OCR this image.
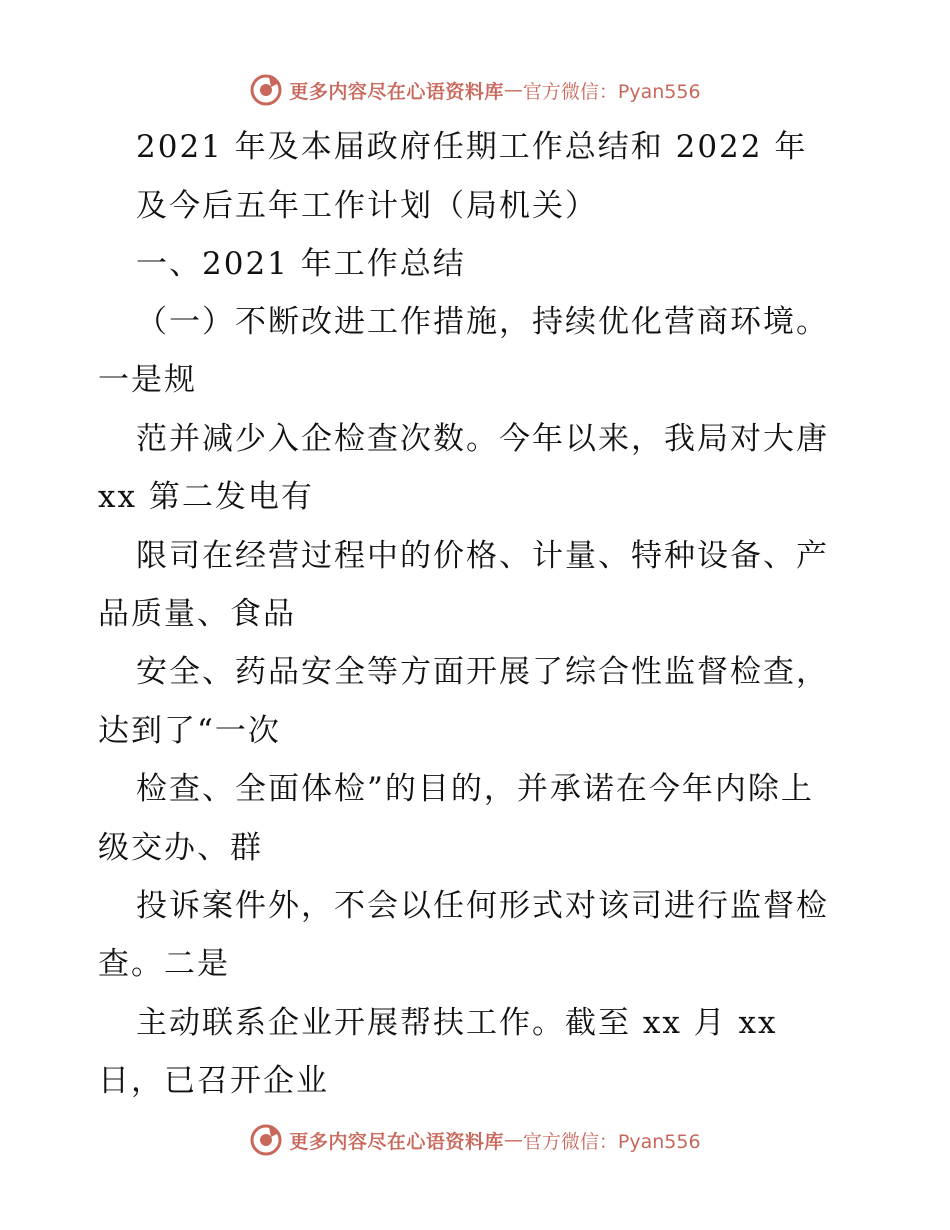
更多内容尽在心语资料库 — 官方微信：Pyan556
2021 年及本届政府任期工作总结和 2022 年
及今后五年工作计划（局机关）
一、2021 年工作总结
（一）不断改进工作措施，持续优化营商环境。
一是规
范并减少入企检查次数。今年以来，我局对大唐
xx 第二发电有
限司在经营过程中的价格、计量、特种设备、产
品质量、食品
安全、药品安全等方面开展了综合性监督检查，
达到了“一次
检查、全面体检”的目的，并承诺在今年内除上
级交办、群
投诉案件外，不会以任何形式对该司进行监督检
查。二是
主动联系企业开展帮扶工作。截至 xx 月 xx
日，已召开企业
更多内容尽在心语资料库 — 官方微信：Pyan556
